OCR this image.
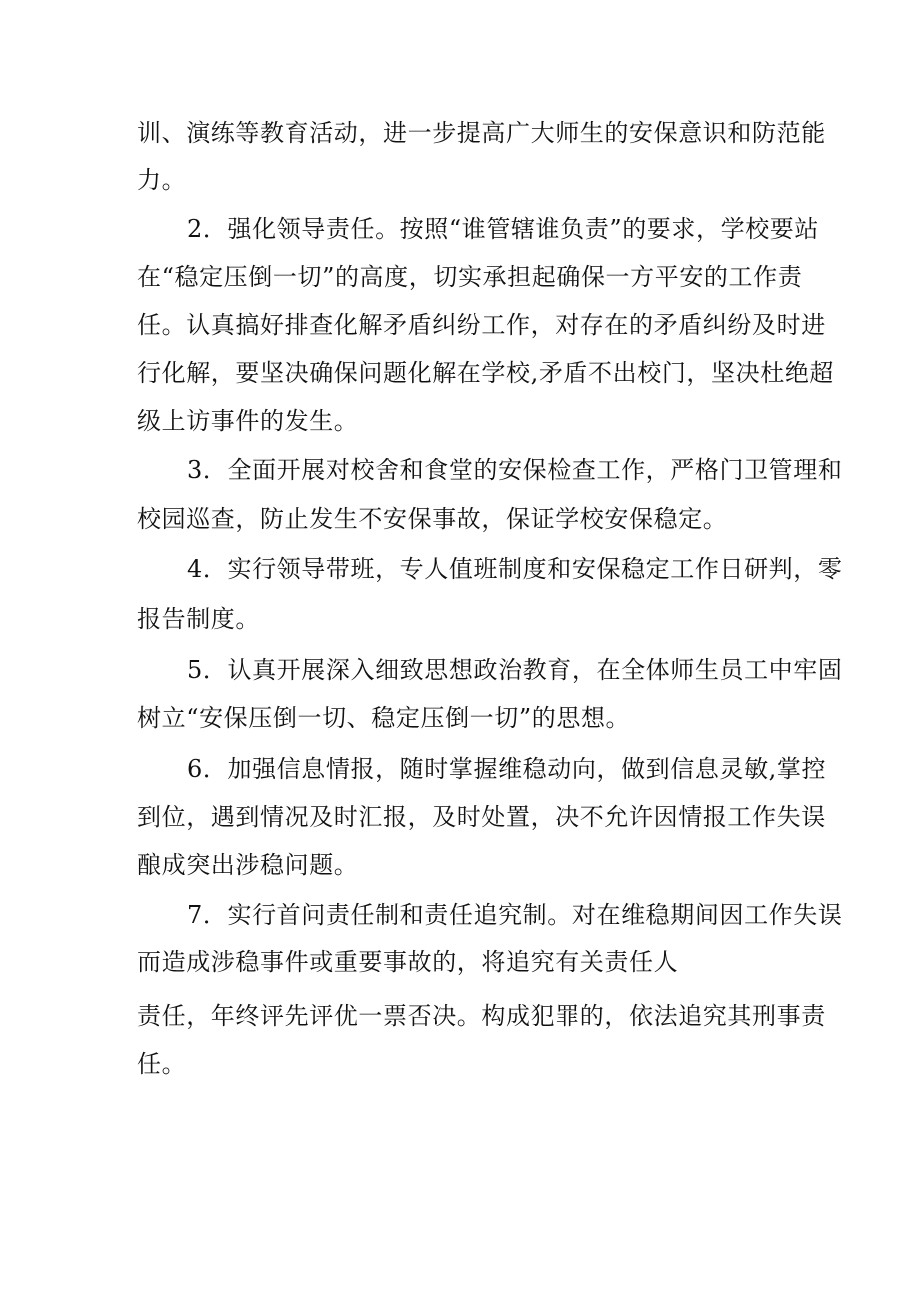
训、演练等教育活动，进一步提高广大师生的安保意识和防范能
力。
2．强化领导责任。按照“谁管辖谁负责”的要求，学校要站
在“稳定压倒一切”的高度，切实承担起确保一方平安的工作责
任。认真搞好排查化解矛盾纠纷工作，对存在的矛盾纠纷及时进
行化解，要坚决确保问题化解在学校,矛盾不出校门，坚决杜绝超
级上访事件的发生。
3．全面开展对校舍和食堂的安保检查工作，严格门卫管理和
校园巡查，防止发生不安保事故，保证学校安保稳定。
4．实行领导带班，专人值班制度和安保稳定工作日研判，零
报告制度。
5．认真开展深入细致思想政治教育，在全体师生员工中牢固
树立“安保压倒一切、稳定压倒一切”的思想。
6．加强信息情报，随时掌握维稳动向，做到信息灵敏,掌控
到位，遇到情况及时汇报，及时处置，决不允许因情报工作失误
酿成突出涉稳问题。
7．实行首问责任制和责任追究制。对在维稳期间因工作失误
而造成涉稳事件或重要事故的，将追究有关责任人
责任，年终评先评优一票否决。构成犯罪的，依法追究其刑事责
任。
